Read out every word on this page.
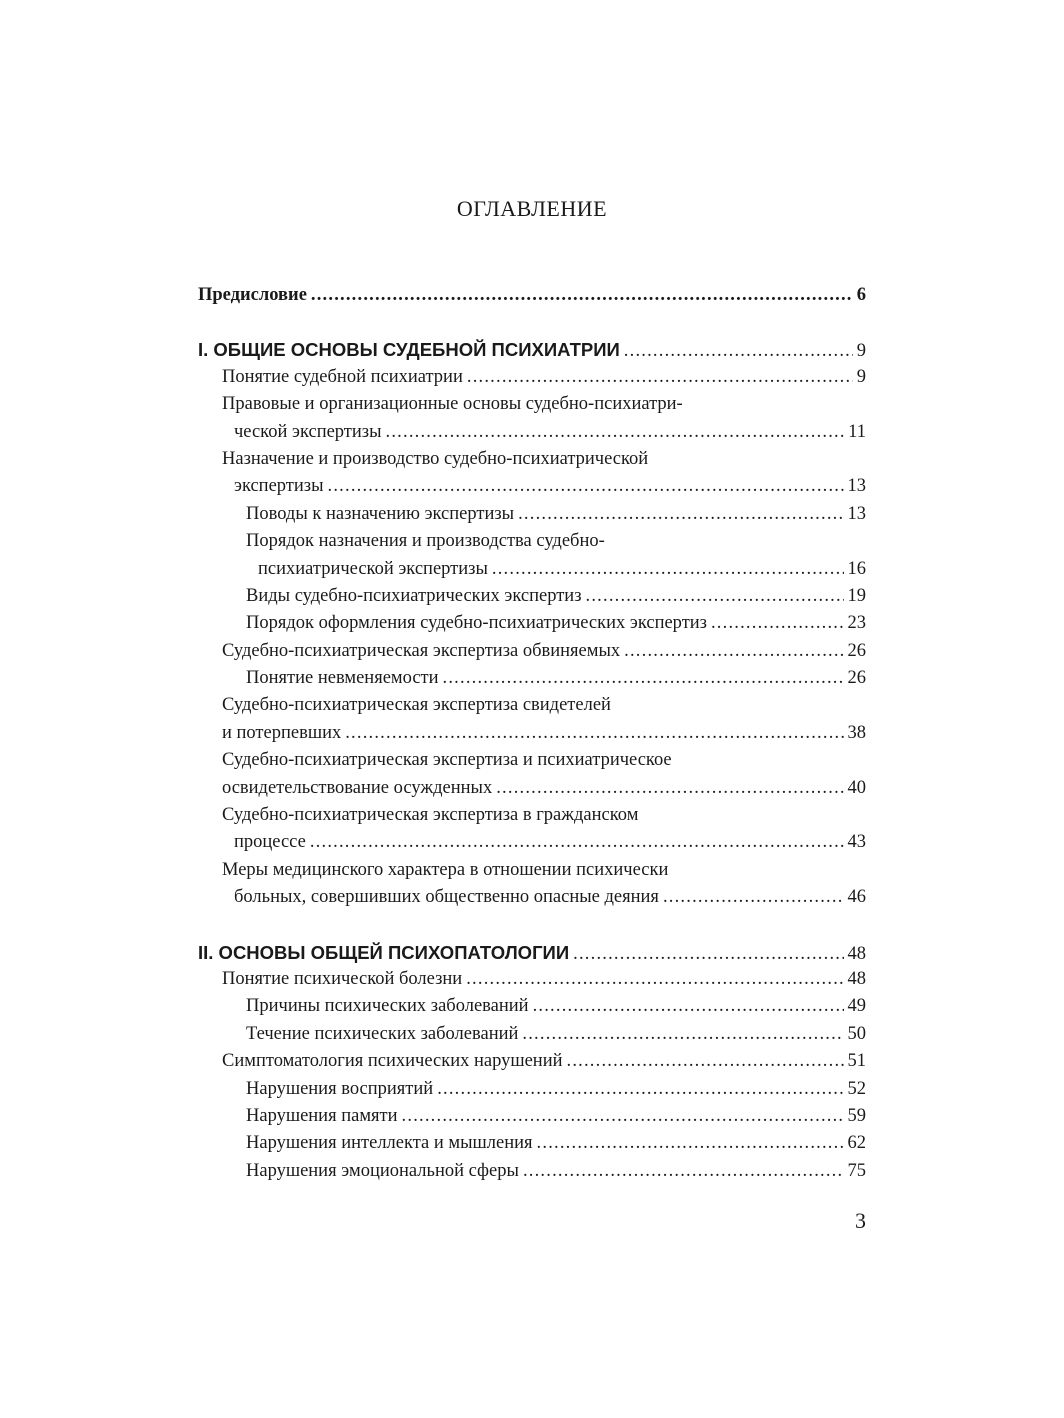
ОГЛАВЛЕНИЕ
Предисловие .....	6
I. ОБЩИЕ ОСНОВЫ СУДЕБНОЙ ПСИХИАТРИИ .....	9
Понятие судебной психиатрии .....	9
Правовые и организационные основы судебно-психиатри-
ческой экспертизы .....	11
Назначение и производство судебно-психиатрической
экспертизы .....	13
Поводы к назначению экспертизы .....	13
Порядок назначения и производства судебно-
психиатрической экспертизы .....	16
Виды судебно-психиатрических экспертиз .....	19
Порядок оформления судебно-психиатрических экспертиз .....	23
Судебно-психиатрическая экспертиза обвиняемых .....	26
Понятие невменяемости .....	26
Судебно-психиатрическая экспертиза свидетелей
и потерпевших .....	38
Судебно-психиатрическая экспертиза и психиатрическое
освидетельствование осужденных .....	40
Судебно-психиатрическая экспертиза в гражданском
процессе .....	43
Меры медицинского характера в отношении психически
больных, совершивших общественно опасные деяния .....	46
II. ОСНОВЫ ОБЩЕЙ ПСИХОПАТОЛОГИИ .....	48
Понятие психической болезни .....	48
Причины психических заболеваний .....	49
Течение психических заболеваний .....	50
Симптоматология психических нарушений .....	51
Нарушения восприятий .....	52
Нарушения памяти .....	59
Нарушения интеллекта и мышления .....	62
Нарушения эмоциональной сферы .....	75
3
